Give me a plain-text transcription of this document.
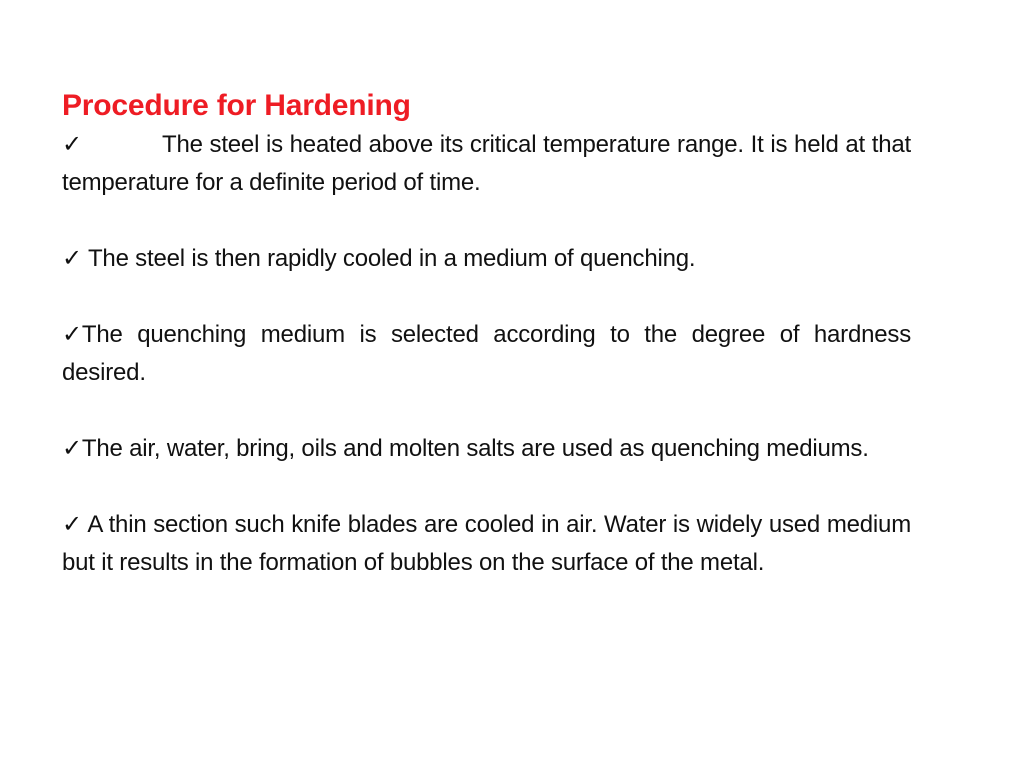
Procedure for Hardening

✓	The steel is heated above its critical temperature range. It is held at that temperature for a definite period of time.

✓ The steel is then rapidly cooled in a medium of quenching.

✓The quenching medium is selected according to the degree of hardness desired.

✓The air, water, bring, oils and molten salts are used as quenching mediums.

✓ A thin section such knife blades are cooled in air. Water is widely used medium but it results in the formation of bubbles on the surface of the metal.
